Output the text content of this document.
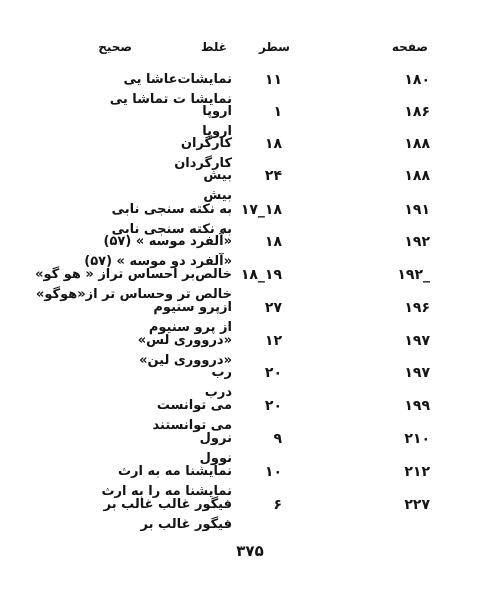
صفحه
سطر
غلط
صحیح
۱۸۰
۱۱
نمایشات‌عاشا یی
نمایشا ت تماشا یی
۱۸۶
۱
اروپا
اروپا
۱۸۸
۱۸
کارگران
کارگردان
۱۸۸
۲۴
بیش
بیش
۱۹۱
۱۸_۱۷
به نکته سنجی نابی
به نکته سنجی نابی
۱۹۲
۱۸
«آلفرد موسه » (۵۷)
«آلفرد دو موسه » (۵۷)
_۱۹۲
۱۹_۱۸
خالص‌بر احساس تراز « هو گو»
خالص تر وحساس تر از«هوگو»
۱۹۶
۲۷
ازپرو سنیوم
از پرو سنیوم
۱۹۷
۱۲
«درووری لس»
«درووری لین»
۱۹۷
۲۰
رب
درب
۱۹۹
۲۰
می توانست
می توانستند
۲۱۰
۹
نرول
نوول
۲۱۲
۱۰
نمایشنا مه به ارث
نمایشنا مه را به ارث
۲۲۷
۶
فیگور غالب غالب بر
فیگور غالب بر
۳۷۵
